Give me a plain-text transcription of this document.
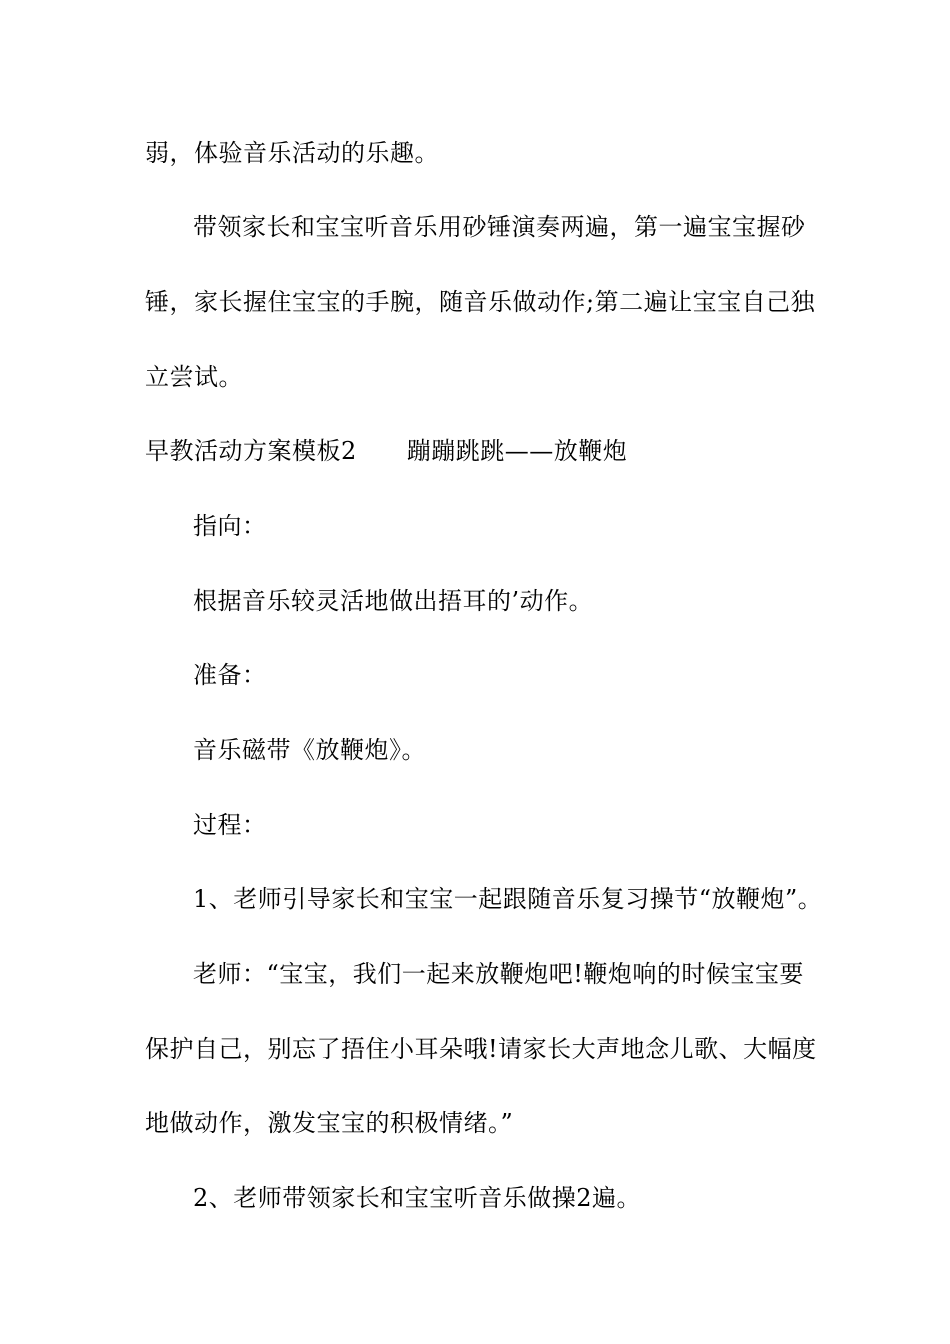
弱，体验音乐活动的乐趣。
带领家长和宝宝听音乐用砂锤演奏两遍，第一遍宝宝握砂
锤，家长握住宝宝的手腕，随音乐做动作;第二遍让宝宝自己独
立尝试。
早教活动方案模板2 蹦蹦跳跳——放鞭炮
指向：
根据音乐较灵活地做出捂耳的’动作。
准备：
音乐磁带《放鞭炮》。
过程：
1、老师引导家长和宝宝一起跟随音乐复习操节“放鞭炮”。
老师：“宝宝，我们一起来放鞭炮吧!鞭炮响的时候宝宝要
保护自己，别忘了捂住小耳朵哦!请家长大声地念儿歌、大幅度
地做动作，激发宝宝的积极情绪。”
2、老师带领家长和宝宝听音乐做操2遍。
